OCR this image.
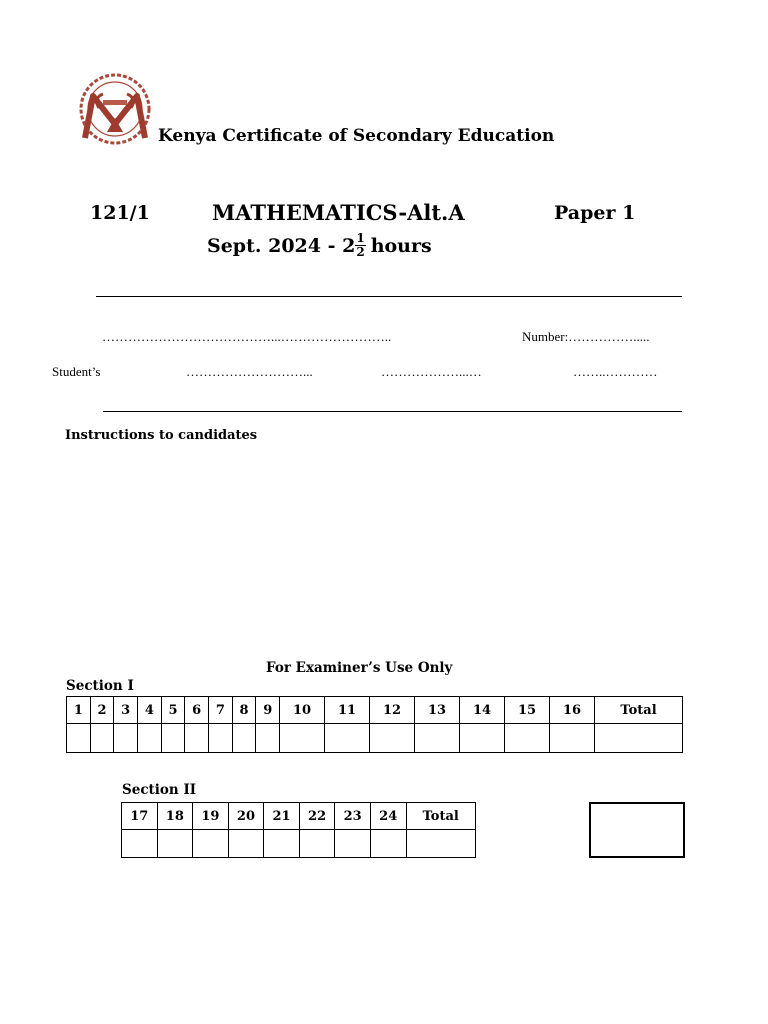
Kenya Certificate of Secondary Education
121/1	MATHEMATICS-Alt.A	Paper 1
Sept. $2024 - 2 \frac{1}{2}$ hours
…………………………………...……………………..	Number:…………….....
Student’s	………………………...	………………...…	……..…………
Instructions to candidates
For Examiner’s Use Only
Section I
1	2	3	4	5	6	7	8	9	10	11	12	13	14	15	16	Total

Section II
17	18	19	20	21	22	23	24	Total
